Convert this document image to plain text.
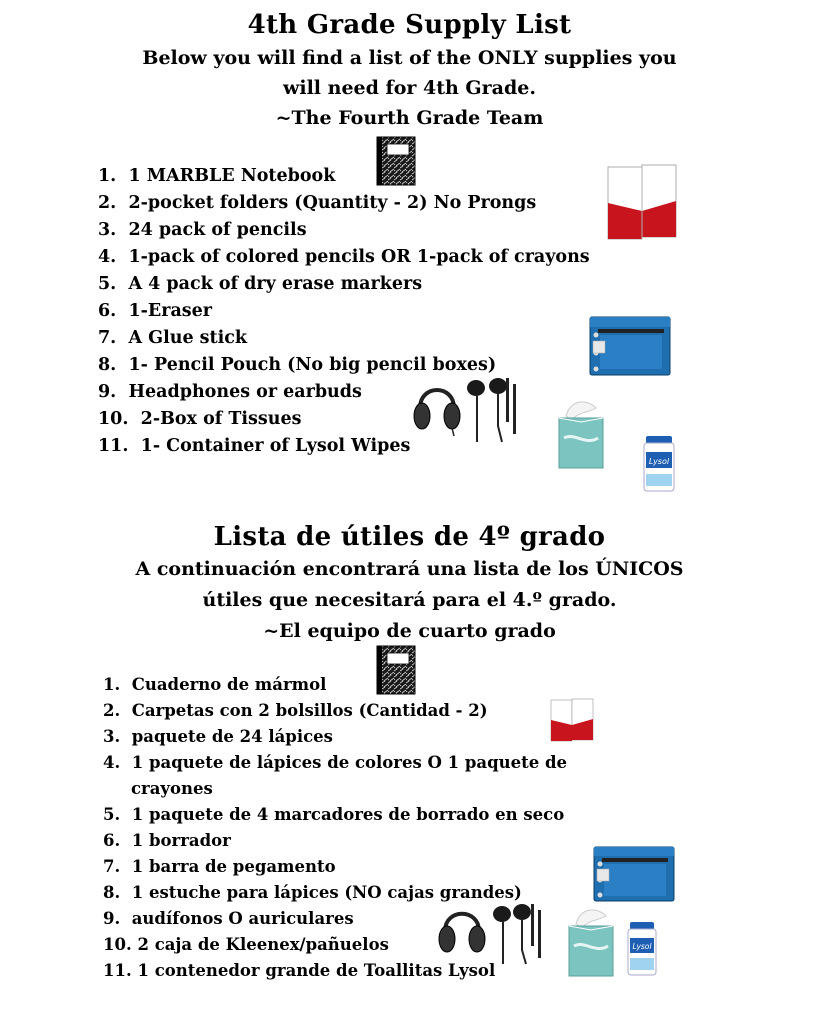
4th Grade Supply List
Below you will find a list of the ONLY supplies you
will need for 4th Grade.
~The Fourth Grade Team
1. 1 MARBLE Notebook
2. 2-pocket folders (Quantity - 2) No Prongs
3. 24 pack of pencils
4. 1-pack of colored pencils OR 1-pack of crayons
5. A 4 pack of dry erase markers
6. 1-Eraser
7. A Glue stick
8. 1- Pencil Pouch (No big pencil boxes)
9. Headphones or earbuds
10. 2-Box of Tissues
11. 1- Container of Lysol Wipes
Lysol
Lista de útiles de 4º grado
A continuación encontrará una lista de los ÚNICOS
útiles que necesitará para el 4.º grado.
~El equipo de cuarto grado
1. Cuaderno de mármol
2. Carpetas con 2 bolsillos (Cantidad - 2)
3. paquete de 24 lápices
4. 1 paquete de lápices de colores O 1 paquete de
crayones
5. 1 paquete de 4 marcadores de borrado en seco
6. 1 borrador
7. 1 barra de pegamento
8. 1 estuche para lápices (NO cajas grandes)
9. audífonos O auriculares
10. 2 caja de Kleenex/pañuelos
11. 1 contenedor grande de Toallitas Lysol
Lysol
